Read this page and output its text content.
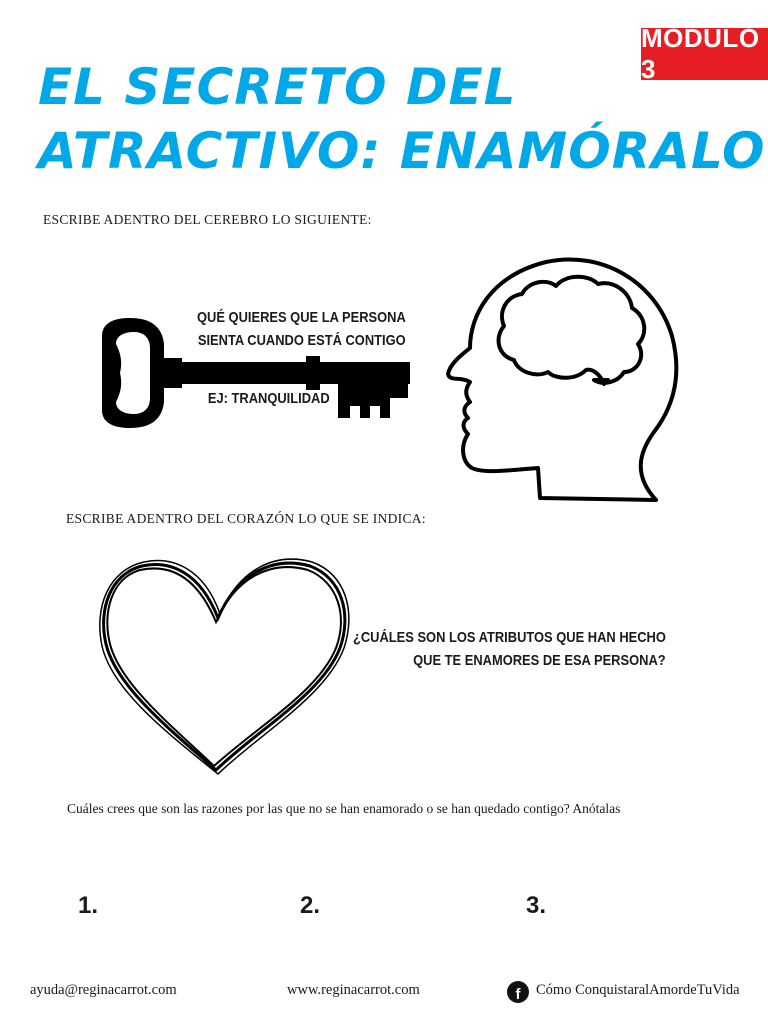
EL SECRETO DEL
ATRACTIVO: ENAMÓRALO
MÓDULO 3
ESCRIBE ADENTRO DEL CEREBRO LO SIGUIENTE:
QUÉ QUIERES QUE LA PERSONA
SIENTA CUANDO ESTÁ CONTIGO
EJ: TRANQUILIDAD
ESCRIBE ADENTRO DEL CORAZÓN LO QUE SE INDICA:
¿CUÁLES SON LOS ATRIBUTOS QUE HAN HECHO
QUE TE ENAMORES DE ESA PERSONA?
Cuáles crees que son las razones por las que no se han enamorado o se han quedado contigo? Anótalas
1.	2.	3.
ayuda@reginacarrot.com	www.reginacarrot.com	f	Cómo ConquistaralAmordeTuVida
